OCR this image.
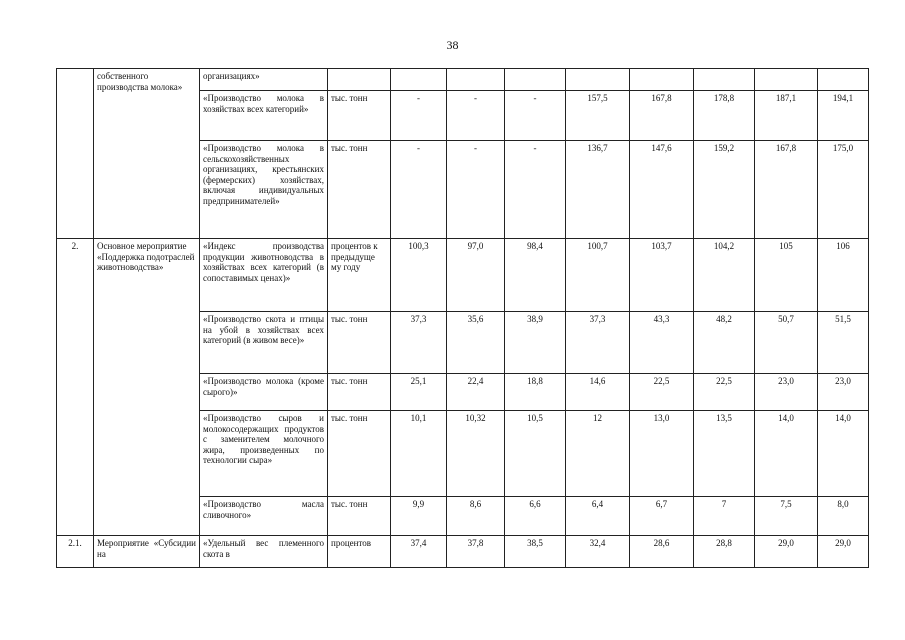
38
	собственного производства молока»	организациях»									
		«Производство молока в хозяйствах всех категорий»	тыс. тонн	-	-	-	157,5	167,8	178,8	187,1	194,1
		«Производство молока в сельскохозяйственных организациях, крестьянских (фермерских) хозяйствах, включая индивидуальных предпринимателей»	тыс. тонн	-	-	-	136,7	147,6	159,2	167,8	175,0
2.	Основное мероприятие «Поддержка подотраслей животноводства»	«Индекс производства продукции животноводства в хозяйствах всех категорий (в сопоставимых ценах)»	процентов к предыдуще му году	100,3	97,0	98,4	100,7	103,7	104,2	105	106
		«Производство скота и птицы на убой в хозяйствах всех категорий (в живом весе)»	тыс. тонн	37,3	35,6	38,9	37,3	43,3	48,2	50,7	51,5
		«Производство молока (кроме сырого)»	тыс. тонн	25,1	22,4	18,8	14,6	22,5	22,5	23,0	23,0
		«Производство сыров и молокосодержащих продуктов с заменителем молочного жира, произведенных по технологии сыра»	тыс. тонн	10,1	10,32	10,5	12	13,0	13,5	14,0	14,0
		«Производство масла сливочного»	тыс. тонн	9,9	8,6	6,6	6,4	6,7	7	7,5	8,0
2.1.	Мероприятие «Субсидии на	«Удельный вес племенного скота в	процентов	37,4	37,8	38,5	32,4	28,6	28,8	29,0	29,0
